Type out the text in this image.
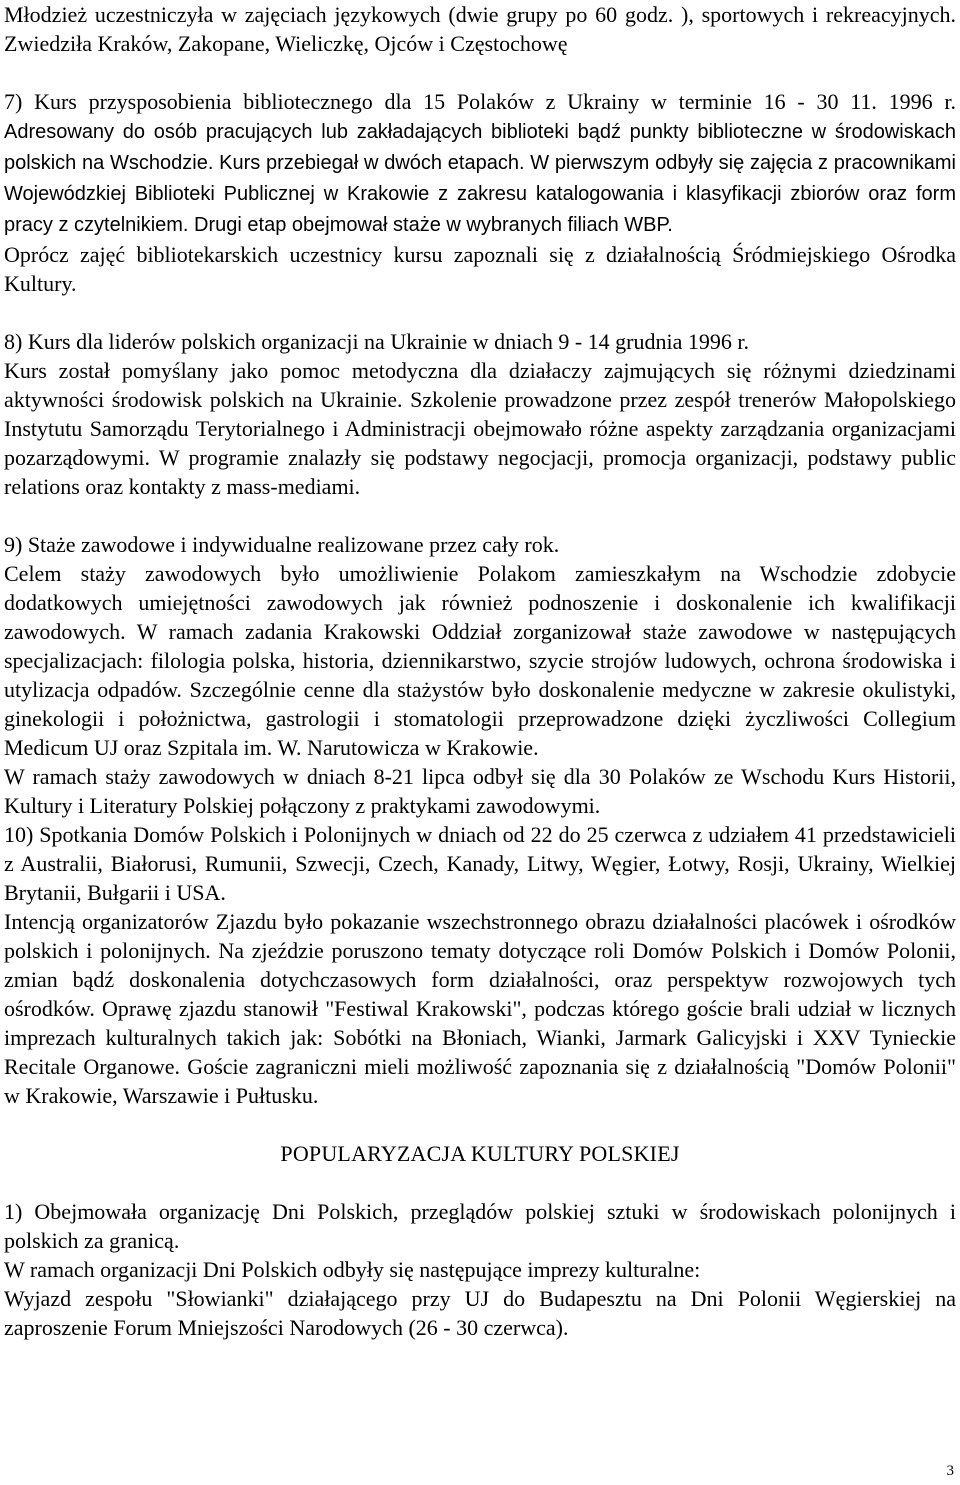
Młodzież uczestniczyła w zajęciach językowych (dwie grupy po 60 godz. ), sportowych i rekreacyjnych. Zwiedziła Kraków, Zakopane, Wieliczkę, Ojców i Częstochowę

7) Kurs przysposobienia bibliotecznego dla 15 Polaków z Ukrainy w terminie 16 - 30 11. 1996 r. Adresowany do osób pracujących lub zakładających biblioteki bądź punkty biblioteczne w środowiskach polskich na Wschodzie. Kurs przebiegał w dwóch etapach. W pierwszym odbyły się zajęcia z pracownikami Wojewódzkiej Biblioteki Publicznej w Krakowie z zakresu katalogowania i klasyfikacji zbiorów oraz form pracy z czytelnikiem. Drugi etap obejmował staże w wybranych filiach WBP.

Oprócz zajęć bibliotekarskich uczestnicy kursu zapoznali się z działalnością Śródmiejskiego Ośrodka Kultury.

8) Kurs dla liderów polskich organizacji na Ukrainie w dniach 9 - 14 grudnia 1996 r.

Kurs został pomyślany jako pomoc metodyczna dla działaczy zajmujących się różnymi dziedzinami aktywności środowisk polskich na Ukrainie. Szkolenie prowadzone przez zespół trenerów Małopolskiego Instytutu Samorządu Terytorialnego i Administracji obejmowało różne aspekty zarządzania organizacjami pozarządowymi. W programie znalazły się podstawy negocjacji, promocja organizacji, podstawy public relations oraz kontakty z mass-mediami.

9) Staże zawodowe i indywidualne realizowane przez cały rok.

Celem staży zawodowych było umożliwienie Polakom zamieszkałym na Wschodzie zdobycie dodatkowych umiejętności zawodowych jak również podnoszenie i doskonalenie ich kwalifikacji zawodowych. W ramach zadania Krakowski Oddział zorganizował staże zawodowe w następujących specjalizacjach: filologia polska, historia, dziennikarstwo, szycie strojów ludowych, ochrona środowiska i utylizacja odpadów. Szczególnie cenne dla stażystów było doskonalenie medyczne w zakresie okulistyki, ginekologii i położnictwa, gastrologii i stomatologii przeprowadzone dzięki życzliwości Collegium Medicum UJ oraz Szpitala im. W. Narutowicza w Krakowie.

W ramach staży zawodowych w dniach 8-21 lipca odbył się dla 30 Polaków ze Wschodu Kurs Historii, Kultury i Literatury Polskiej połączony z praktykami zawodowymi.

10) Spotkania Domów Polskich i Polonijnych w dniach od 22 do 25 czerwca z udziałem 41 przedstawicieli z Australii, Białorusi, Rumunii, Szwecji, Czech, Kanady, Litwy, Węgier, Łotwy, Rosji, Ukrainy, Wielkiej Brytanii, Bułgarii i USA.

Intencją organizatorów Zjazdu było pokazanie wszechstronnego obrazu działalności placówek i ośrodków polskich i polonijnych. Na zjeździe poruszono tematy dotyczące roli Domów Polskich i Domów Polonii, zmian bądź doskonalenia dotychczasowych form działalności, oraz perspektyw rozwojowych tych ośrodków. Oprawę zjazdu stanowił "Festiwal Krakowski", podczas którego goście brali udział w licznych imprezach kulturalnych takich jak: Sobótki na Błoniach, Wianki, Jarmark Galicyjski i XXV Tynieckie Recitale Organowe. Goście zagraniczni mieli możliwość zapoznania się z działalnością "Domów Polonii" w Krakowie, Warszawie i Pułtusku.

POPULARYZACJA KULTURY POLSKIEJ

1) Obejmowała organizację Dni Polskich, przeglądów polskiej sztuki w środowiskach polonijnych i polskich za granicą.

W ramach organizacji Dni Polskich odbyły się następujące imprezy kulturalne:

Wyjazd zespołu "Słowianki" działającego przy UJ do Budapesztu na Dni Polonii Węgierskiej na zaproszenie Forum Mniejszości Narodowych (26 - 30 czerwca).

3
